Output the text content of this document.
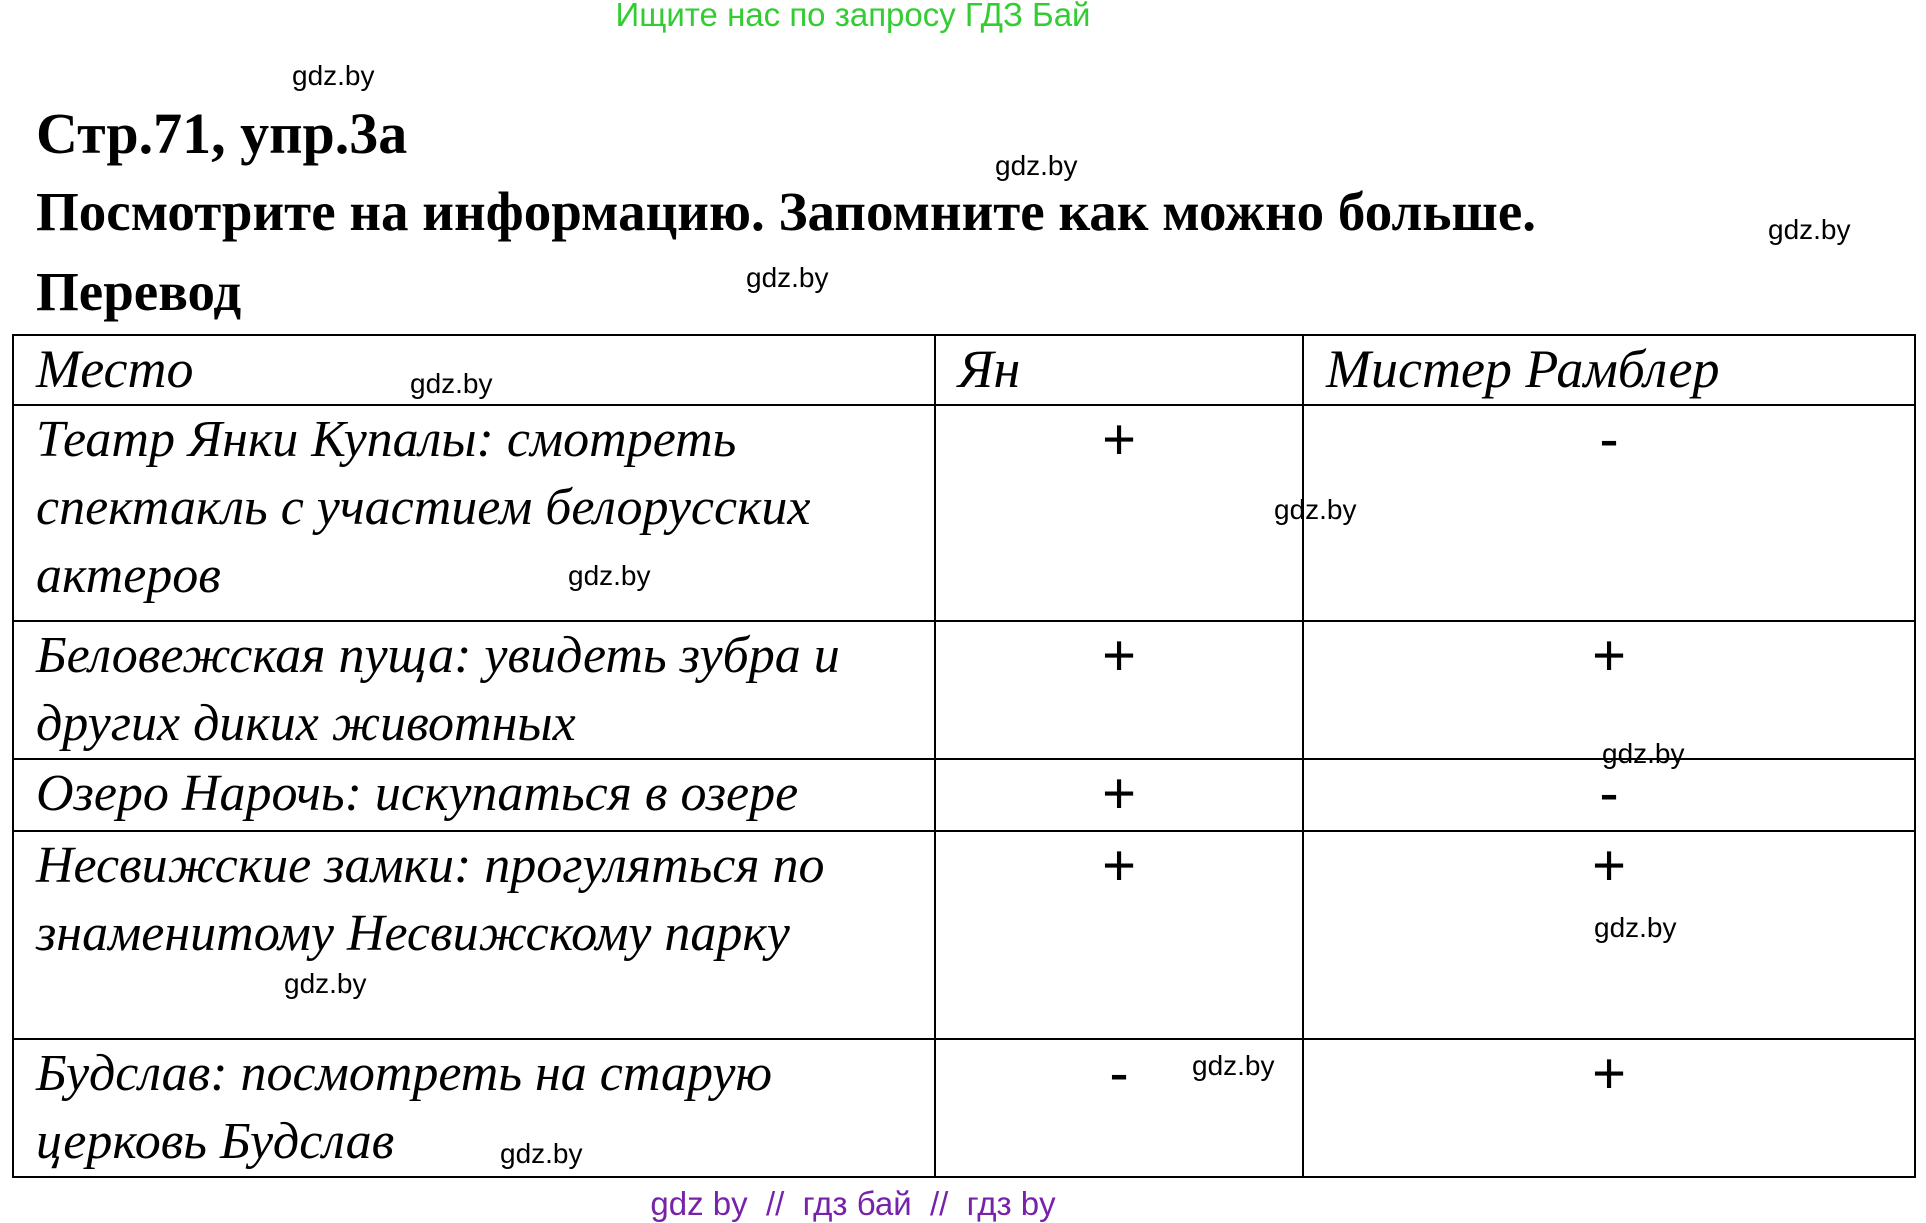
Ищите нас по запросу ГДЗ Бай
Стр.71, упр.3а
Посмотрите на информацию. Запомните как можно больше.
Перевод
gdz.by
gdz.by
gdz.by
gdz.by
gdz.by
gdz.by
gdz.by
gdz.by
gdz.by
gdz.by
gdz.by
gdz.by
Место	Ян	Мистер Рамблер
Театр Янки Купалы: смотреть спектакль с участием белорусских актеров	+	-
Беловежская пуща: увидеть зубра и других диких животных	+	+
Озеро Нарочь: искупаться в озере	+	-
Несвижские замки: прогуляться по знаменитому Несвижскому парку	+	+
Будслав: посмотреть на старую церковь Будслав	-	+
gdz by  //  гдз бай  //  гдз by
